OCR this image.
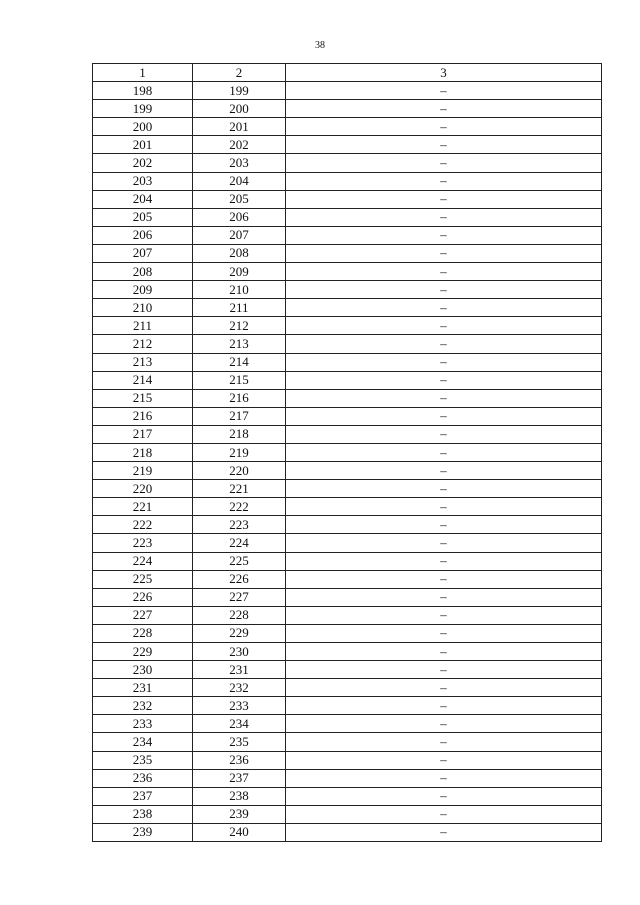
38
1	2	3
198	199	–
199	200	–
200	201	–
201	202	–
202	203	–
203	204	–
204	205	–
205	206	–
206	207	–
207	208	–
208	209	–
209	210	–
210	211	–
211	212	–
212	213	–
213	214	–
214	215	–
215	216	–
216	217	–
217	218	–
218	219	–
219	220	–
220	221	–
221	222	–
222	223	–
223	224	–
224	225	–
225	226	–
226	227	–
227	228	–
228	229	–
229	230	–
230	231	–
231	232	–
232	233	–
233	234	–
234	235	–
235	236	–
236	237	–
237	238	–
238	239	–
239	240	–
